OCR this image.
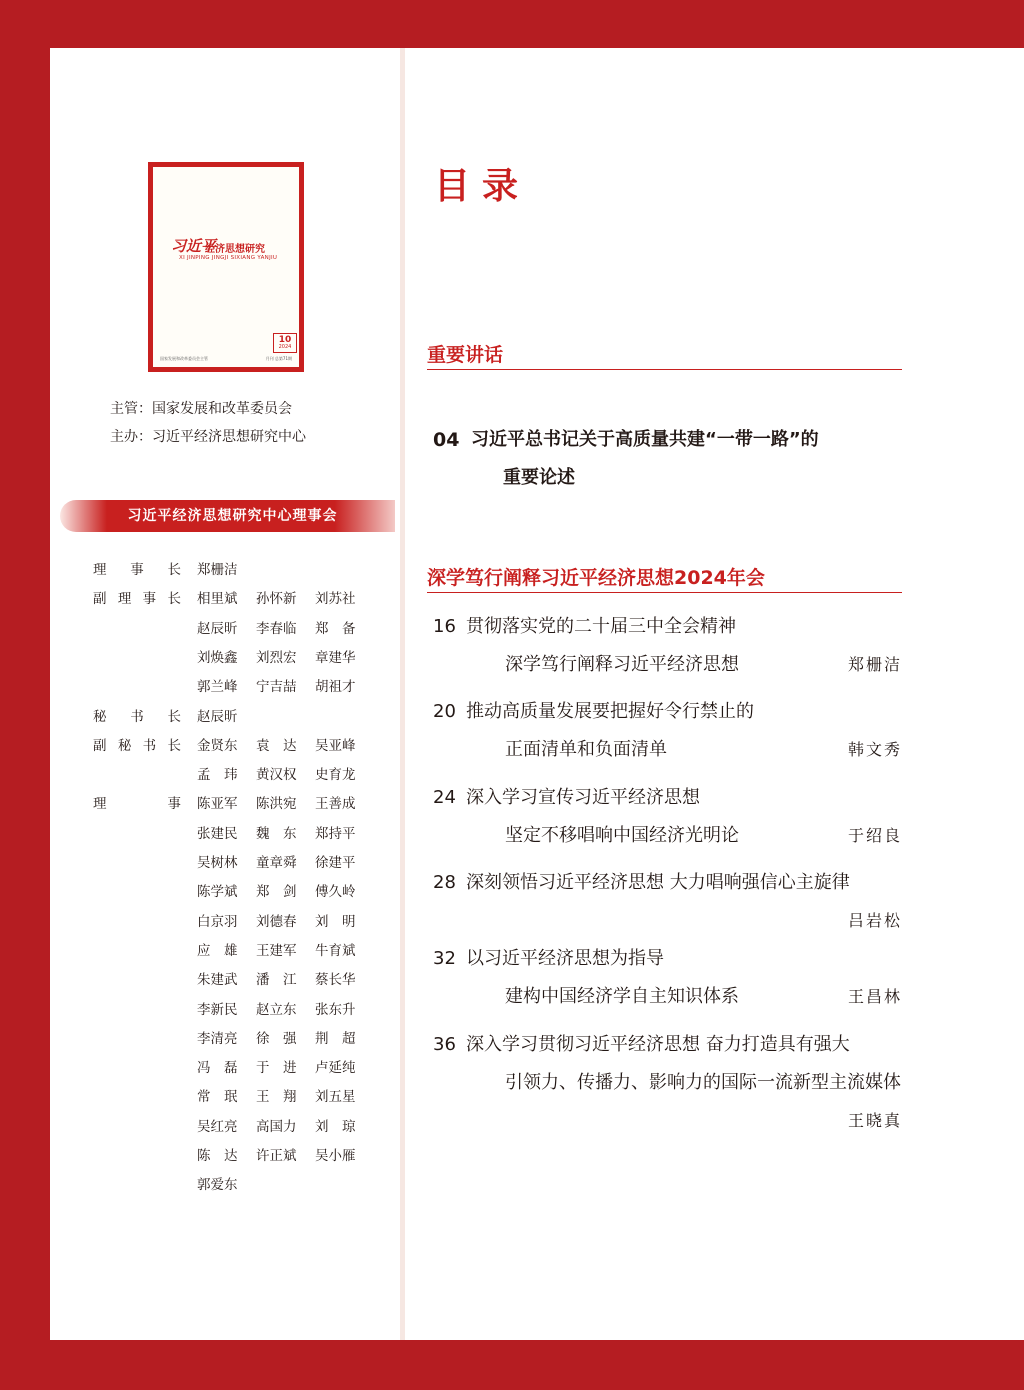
习近平
经济思想研究
XI JINPING JINGJI SIXIANG YANJIU
10
2024
国家发展和改革委员会主管	月刊 总第71期
主管：国家发展和改革委员会
主办：习近平经济思想研究中心
习近平经济思想研究中心理事会
理 事 长 郑栅洁
副 理 事 长 相里斌 孙怀新 刘苏社
赵辰昕 李春临 郑　备
刘焕鑫 刘烈宏 章建华
郭兰峰 宁吉喆 胡祖才
秘 书 长 赵辰昕
副 秘 书 长 金贤东 袁　达 吴亚峰
孟　玮 黄汉权 史育龙
理	事 陈亚军 陈洪宛 王善成
张建民 魏　东 郑持平
吴树林 童章舜 徐建平
陈学斌 郑　剑 傅久岭
白京羽 刘德春 刘　明
应　雄 王建军 牛育斌
朱建武 潘　江 蔡长华
李新民 赵立东 张东升
李清亮 徐　强 荆　超
冯　磊 于　进 卢延纯
常　珉 王　翔 刘五星
吴红亮 高国力 刘　琼
陈　达 许正斌 吴小雁
郭爱东
目录
重要讲话
04 习近平总书记关于高质量共建“一带一路”的
重要论述
深学笃行阐释习近平经济思想2024年会
16 贯彻落实党的二十届三中全会精神
深学笃行阐释习近平经济思想	郑栅洁
20 推动高质量发展要把握好令行禁止的
正面清单和负面清单	韩文秀
24 深入学习宣传习近平经济思想
坚定不移唱响中国经济光明论	于绍良
28 深刻领悟习近平经济思想 大力唱响强信心主旋律
吕岩松
32 以习近平经济思想为指导
建构中国经济学自主知识体系	王昌林
36 深入学习贯彻习近平经济思想 奋力打造具有强大
引领力、传播力、影响力的国际一流新型主流媒体
王晓真
